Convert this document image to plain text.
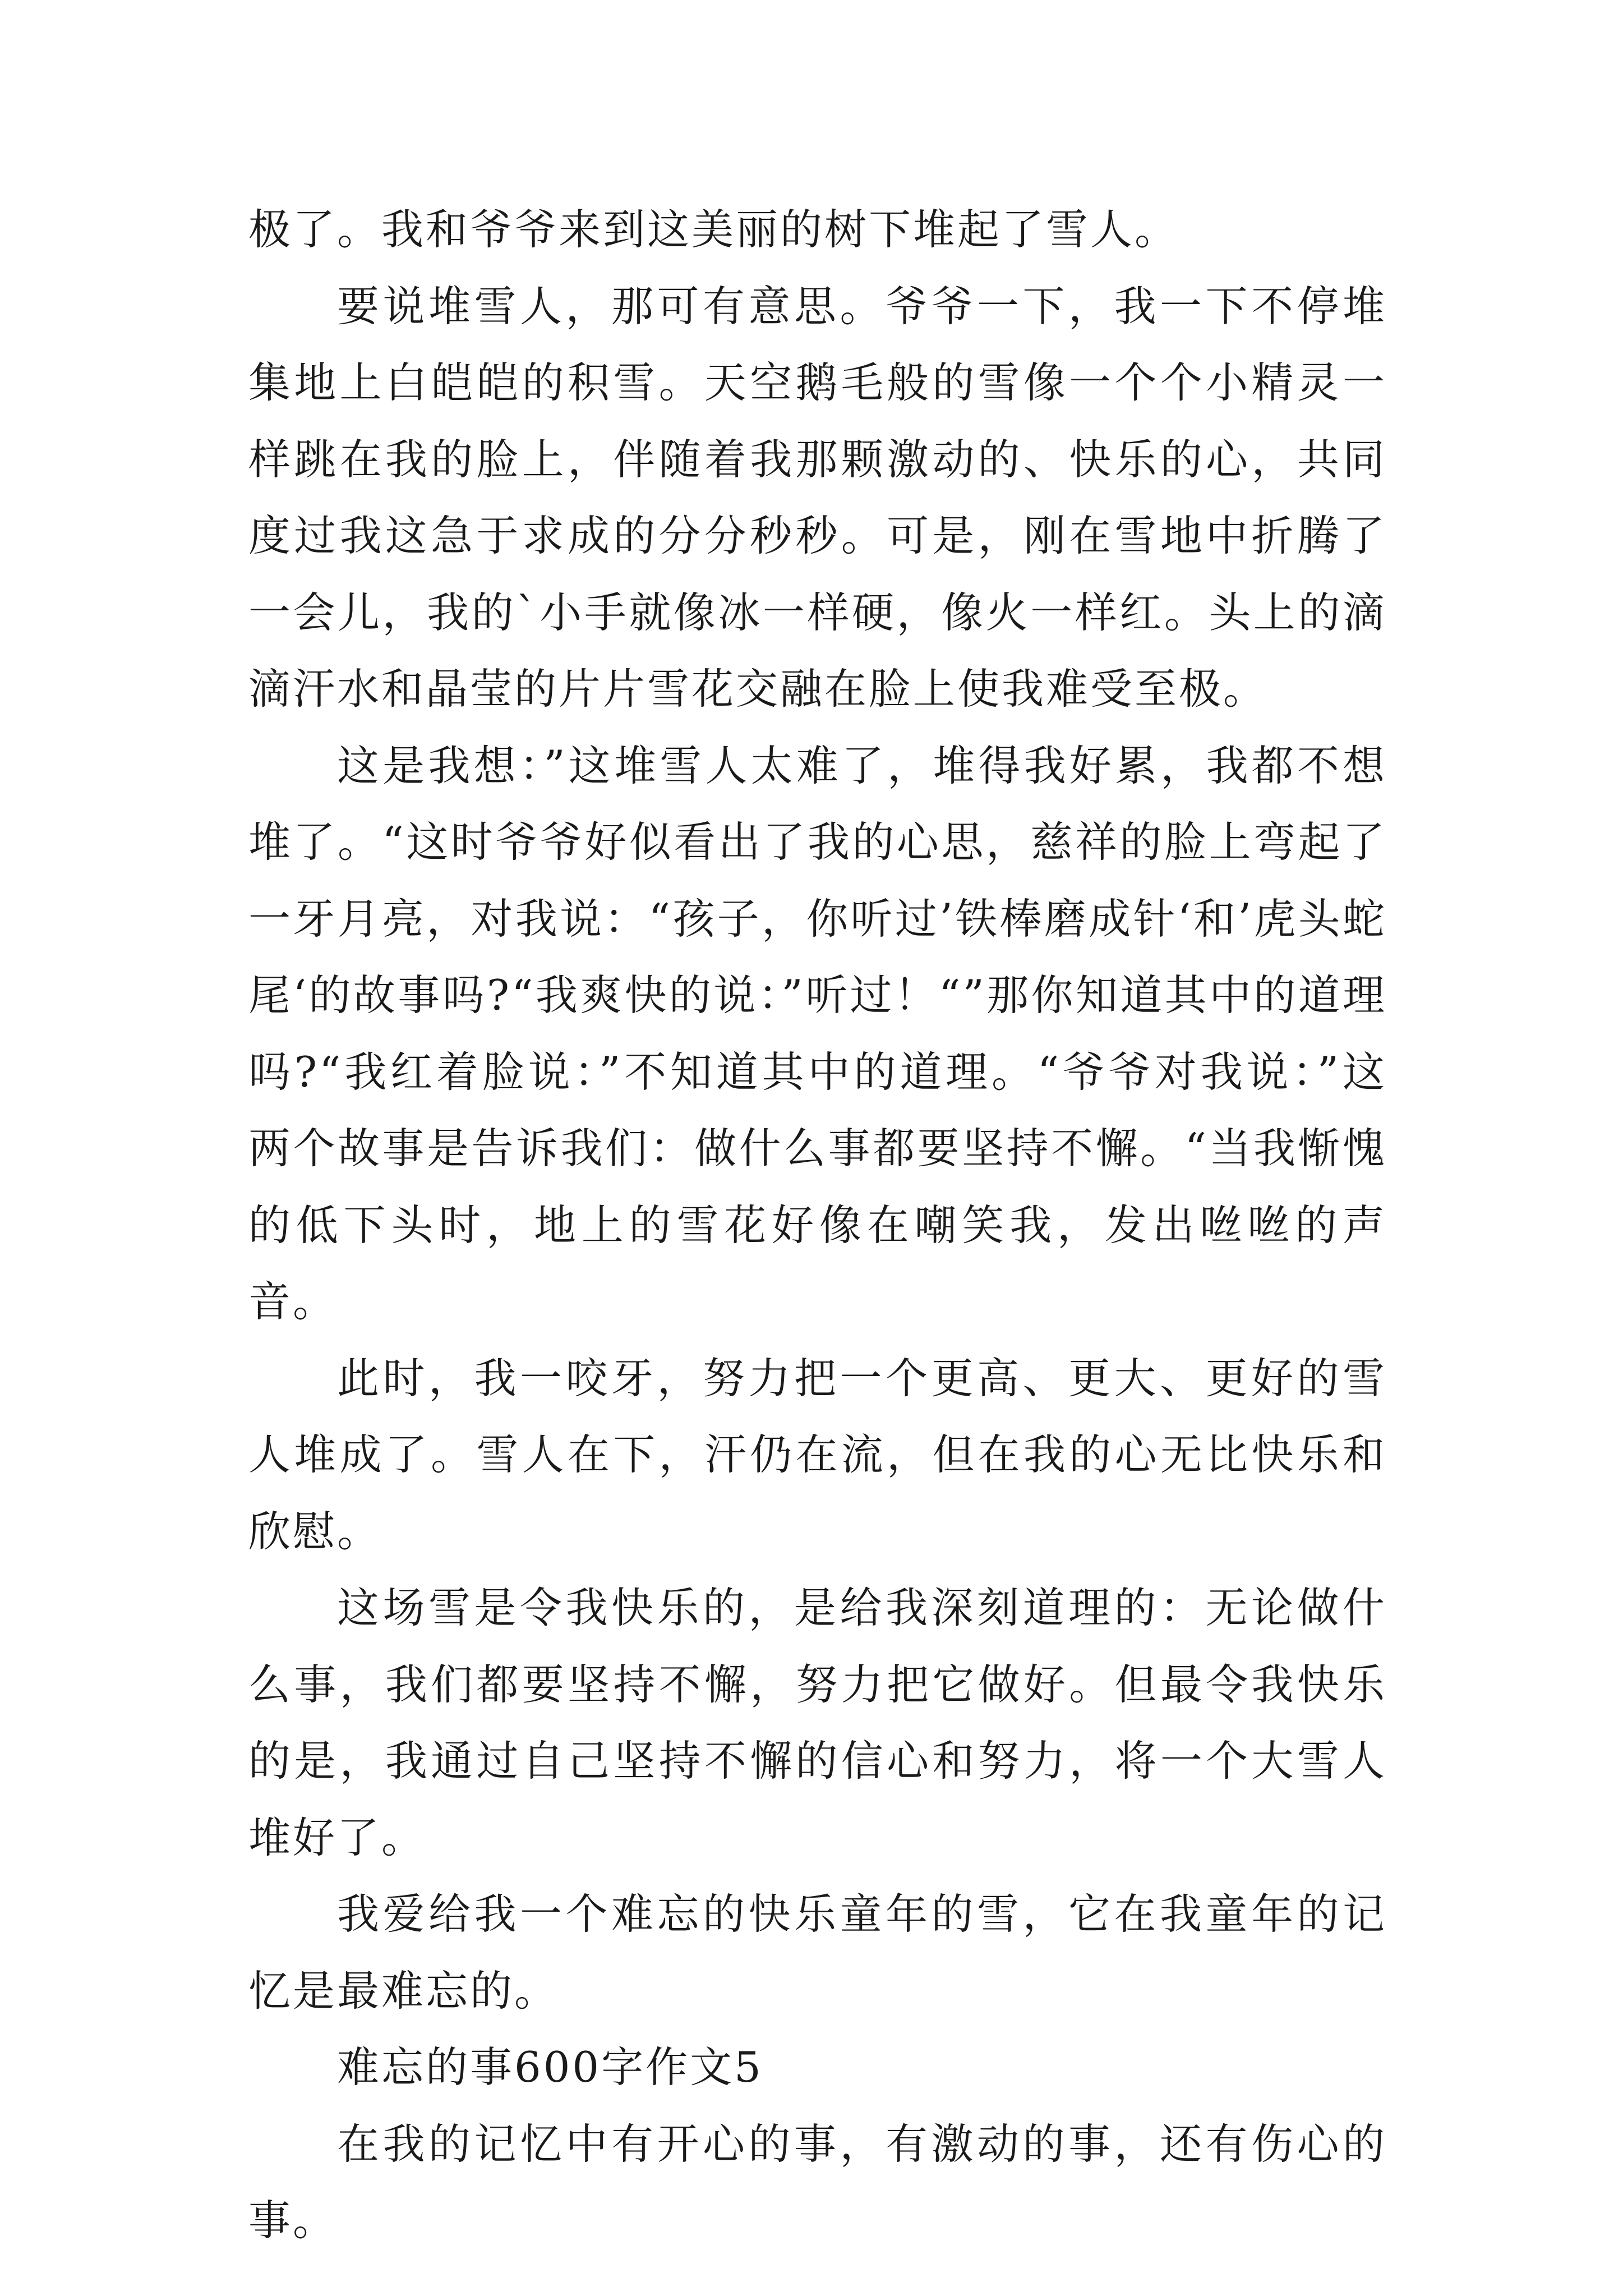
极了。我和爷爷来到这美丽的树下堆起了雪人。

要说堆雪人，那可有意思。爷爷一下，我一下不停堆集地上白皑皑的积雪。天空鹅毛般的雪像一个个小精灵一样跳在我的脸上，伴随着我那颗激动的、快乐的心，共同度过我这急于求成的分分秒秒。可是，刚在雪地中折腾了一会儿，我的`小手就像冰一样硬，像火一样红。头上的滴滴汗水和晶莹的片片雪花交融在脸上使我难受至极。

这是我想：”这堆雪人太难了，堆得我好累，我都不想堆了。“这时爷爷好似看出了我的心思，慈祥的脸上弯起了一牙月亮，对我说：“孩子，你听过’铁棒磨成针‘和’虎头蛇尾‘的故事吗?“我爽快的说：”听过！“”那你知道其中的道理吗?“我红着脸说：”不知道其中的道理。“爷爷对我说：”这两个故事是告诉我们：做什么事都要坚持不懈。“当我惭愧的低下头时，地上的雪花好像在嘲笑我，发出咝咝的声音。

此时，我一咬牙，努力把一个更高、更大、更好的雪人堆成了。雪人在下，汗仍在流，但在我的心无比快乐和欣慰。

这场雪是令我快乐的，是给我深刻道理的：无论做什么事，我们都要坚持不懈，努力把它做好。但最令我快乐的是，我通过自己坚持不懈的信心和努力，将一个大雪人堆好了。

我爱给我一个难忘的快乐童年的雪，它在我童年的记忆是最难忘的。

难忘的事600字作文5

在我的记忆中有开心的事，有激动的事，还有伤心的事。
